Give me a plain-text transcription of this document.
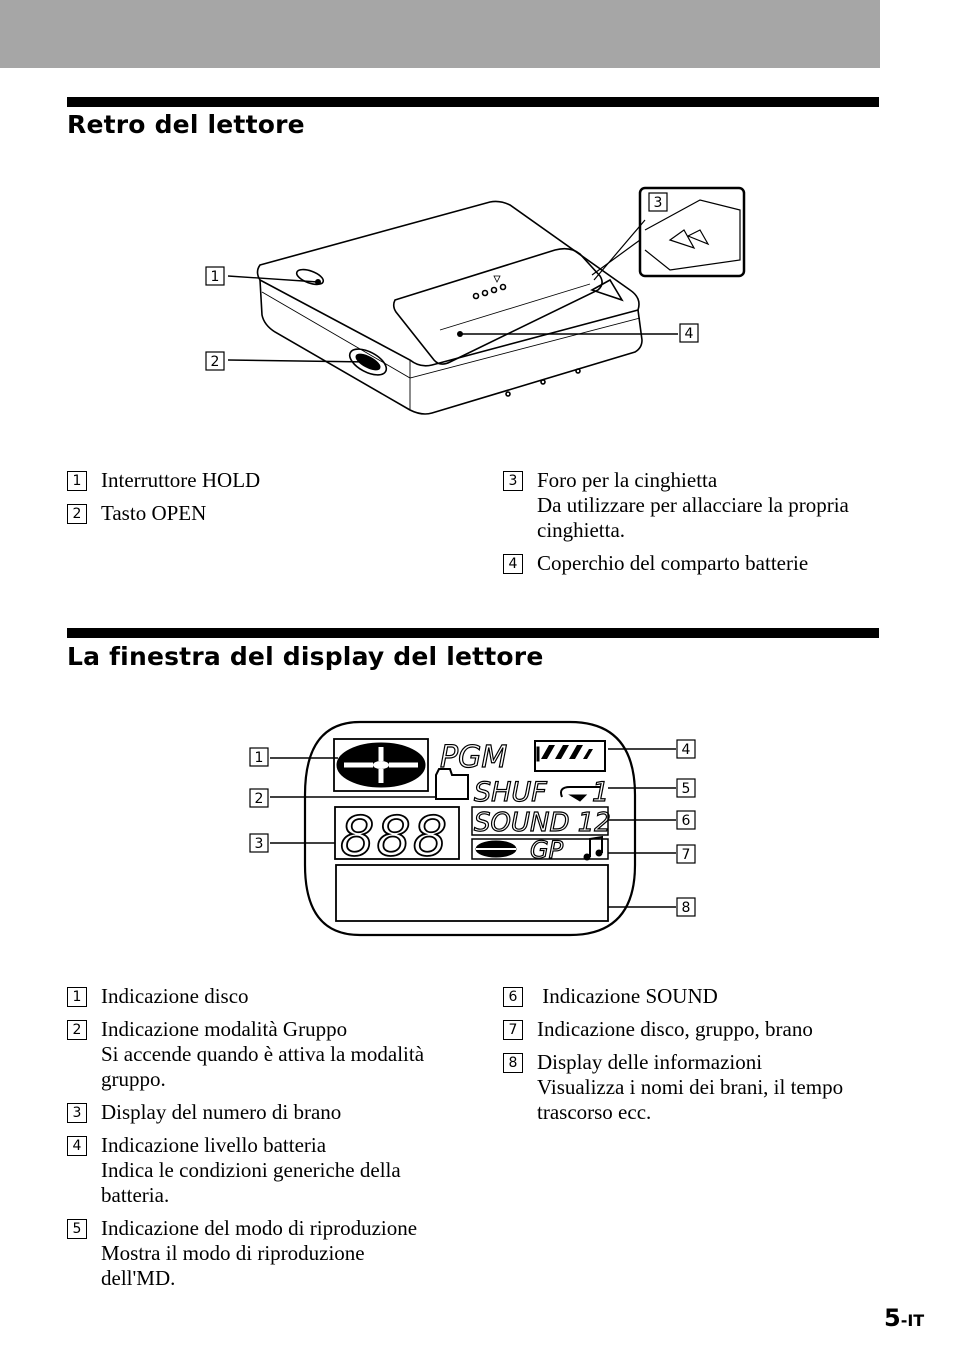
Retro del lettore
1
2
3
4
1 Interruttore HOLD
2 Tasto OPEN
3 Foro per la cinghietta
Da utilizzare per allacciare la propria
cinghietta.
4 Coperchio del comparto batterie
La finestra del display del lettore
PGM
SHUF 1
SOUND 12
GP
888
1
2
3
4
5
6
7
8
1 Indicazione disco
2 Indicazione modalità Gruppo
Si accende quando è attiva la modalità
gruppo.
3 Display del numero di brano
4 Indicazione livello batteria
Indica le condizioni generiche della
batteria.
5 Indicazione del modo di riproduzione
Mostra il modo di riproduzione
dell'MD.
6 Indicazione SOUND
7 Indicazione disco, gruppo, brano
8 Display delle informazioni
Visualizza i nomi dei brani, il tempo
trascorso ecc.
5-IT
